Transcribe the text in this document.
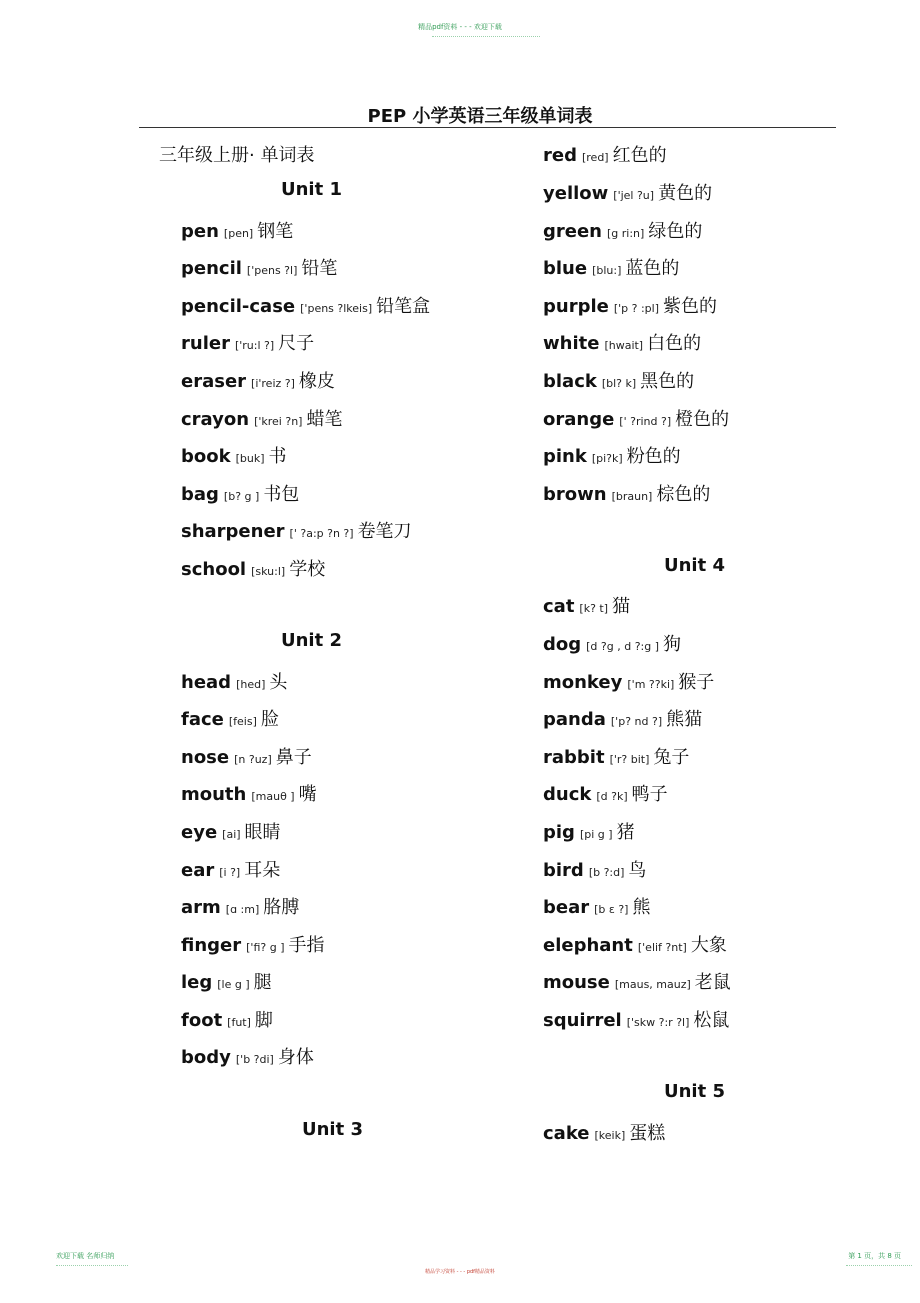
精品pdf资料 - - - 欢迎下载
PEP 小学英语三年级单词表
三年级上册· 单词表
Unit 1
pen [pen] 钢笔
pencil ['pens ?l] 铅笔
pencil-case ['pens ?lkeis] 铅笔盒
ruler ['ru:l ?] 尺子
eraser [i'reiz ?] 橡皮
crayon ['krei ?n] 蜡笔
book [buk] 书
bag [b? g ] 书包
sharpener [' ?a:p ?n ?] 卷笔刀
school [sku:l] 学校
Unit 2
head [hed] 头
face [feis] 脸
nose [n ?uz] 鼻子
mouth [mauθ ] 嘴
eye [ai] 眼睛
ear [i ?] 耳朵
arm [ɑ :m] 胳膊
finger ['fi? g ] 手指
leg [le g ] 腿
foot [fut] 脚
body ['b ?di] 身体
Unit 3
red [red] 红色的
yellow ['jel ?u] 黄色的
green [g ri:n] 绿色的
blue [blu:] 蓝色的
purple ['p ? :pl] 紫色的
white [hwait] 白色的
black [bl? k] 黑色的
orange [' ?rind ?] 橙色的
pink [pi?k] 粉色的
brown [braun] 棕色的
Unit 4
cat [k? t] 猫
dog [d ?g , d ?:g ] 狗
monkey ['m ??ki] 猴子
panda ['p? nd ?] 熊猫
rabbit ['r? bit] 兔子
duck [d ?k] 鸭子
pig [pi g ] 猪
bird [b ?:d] 鸟
bear [b ε ?] 熊
elephant ['elif ?nt] 大象
mouse [maus, mauz] 老鼠
squirrel ['skw ?:r ?l] 松鼠
Unit 5
cake [keik] 蛋糕
欢迎下载 名师归纳
精品学习资料 - - - pdf精品资料
第 1 页，共 8 页
